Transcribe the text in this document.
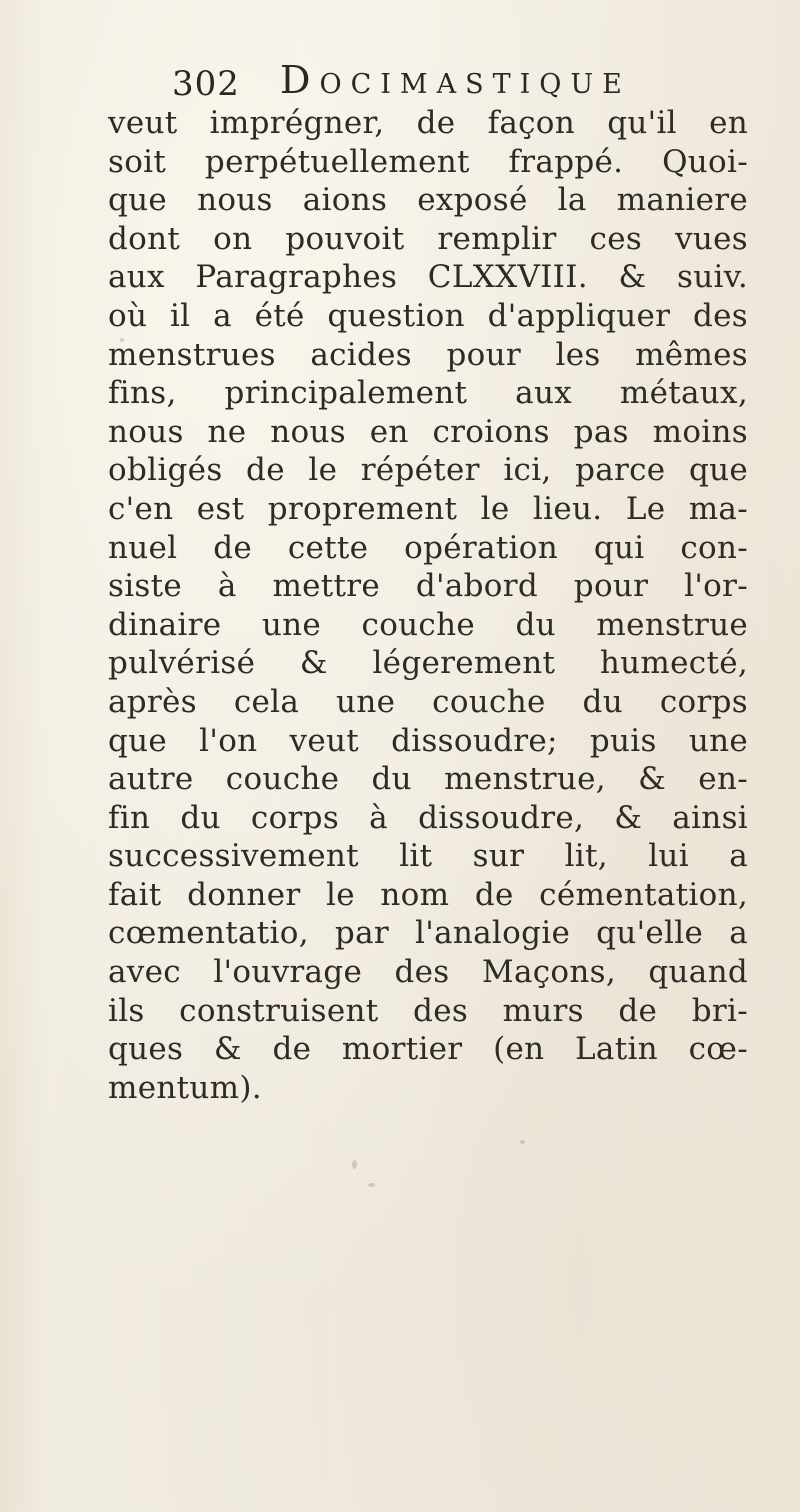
302 Docimastique
veut imprégner, de façon qu'il en
soit perpétuellement frappé. Quoi-
que nous aions exposé la maniere
dont on pouvoit remplir ces vues
aux Paragraphes CLXXVIII. & suiv.
où il a été question d'appliquer des
menstrues acides pour les mêmes
fins, principalement aux métaux,
nous ne nous en croions pas moins
obligés de le répéter ici, parce que
c'en est proprement le lieu. Le ma-
nuel de cette opération qui con-
siste à mettre d'abord pour l'or-
dinaire une couche du menstrue
pulvérisé & légerement humecté,
après cela une couche du corps
que l'on veut dissoudre; puis une
autre couche du menstrue, & en-
fin du corps à dissoudre, & ainsi
successivement lit sur lit, lui a
fait donner le nom de cémentation,
cœmentatio, par l'analogie qu'elle a
avec l'ouvrage des Maçons, quand
ils construisent des murs de bri-
ques & de mortier (en Latin cœ-
mentum).
